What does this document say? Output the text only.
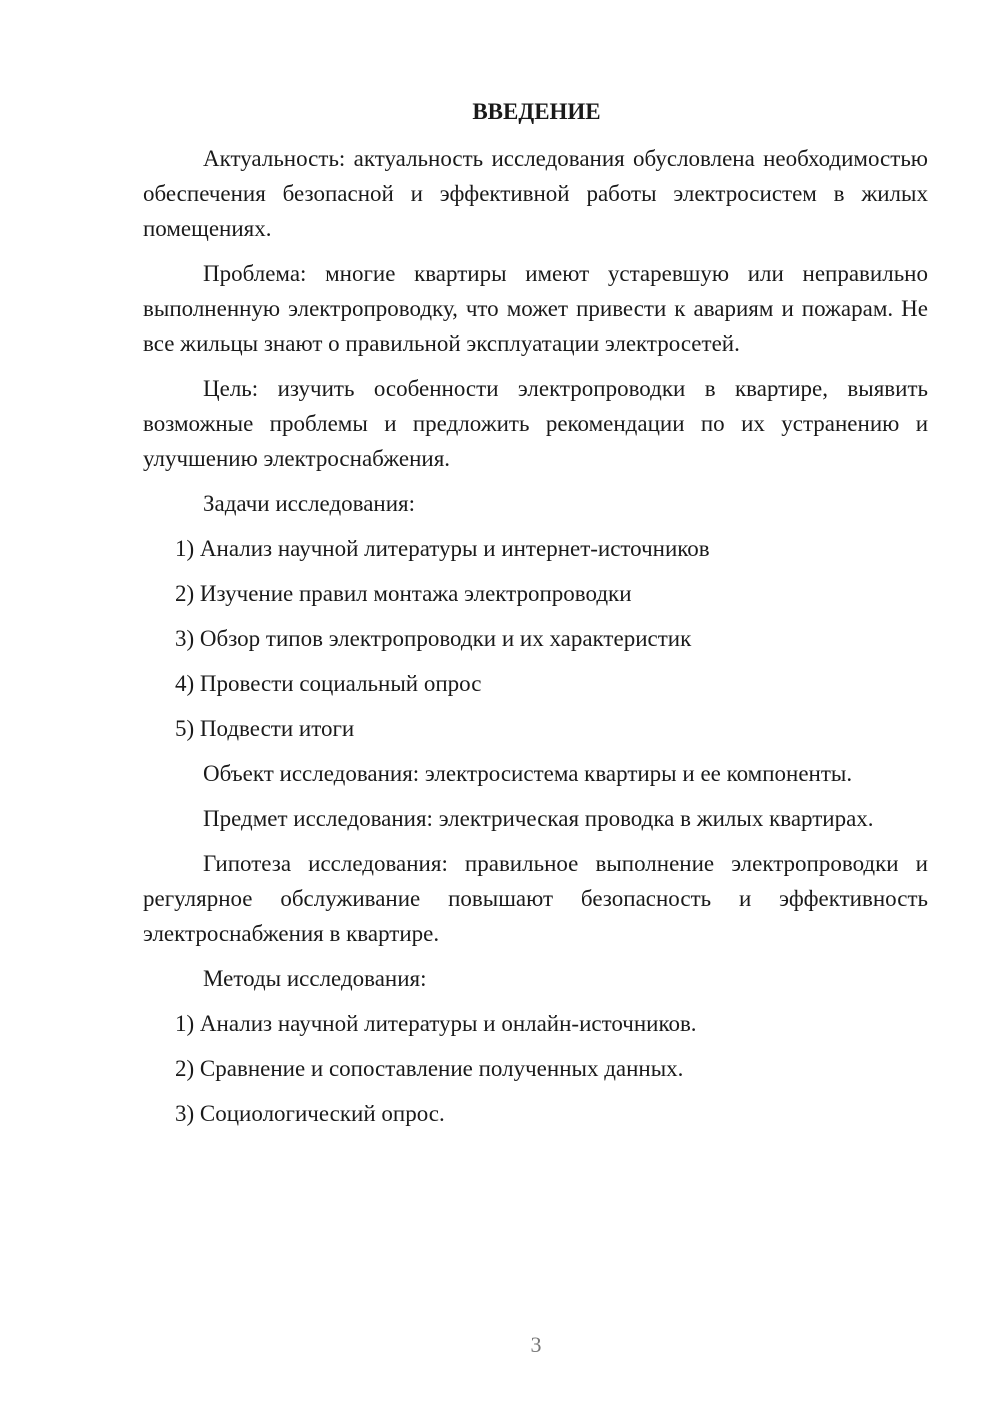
ВВЕДЕНИЕ

Актуальность: актуальность исследования обусловлена необходимостью обеспечения безопасной и эффективной работы электросистем в жилых помещениях.

Проблема: многие квартиры имеют устаревшую или неправильно выполненную электропроводку, что может привести к авариям и пожарам. Не все жильцы знают о правильной эксплуатации электросетей.

Цель: изучить особенности электропроводки в квартире, выявить возможные проблемы и предложить рекомендации по их устранению и улучшению электроснабжения.

Задачи исследования:

1) Анализ научной литературы и интернет-источников
2) Изучение правил монтажа электропроводки
3) Обзор типов электропроводки и их характеристик
4) Провести социальный опрос
5) Подвести итоги

Объект исследования: электросистема квартиры и ее компоненты.

Предмет исследования: электрическая проводка в жилых квартирах.

Гипотеза исследования: правильное выполнение электропроводки и регулярное обслуживание повышают безопасность и эффективность электроснабжения в квартире.

Методы исследования:

1) Анализ научной литературы и онлайн-источников.
2) Сравнение и сопоставление полученных данных.
3) Социологический опрос.
3
